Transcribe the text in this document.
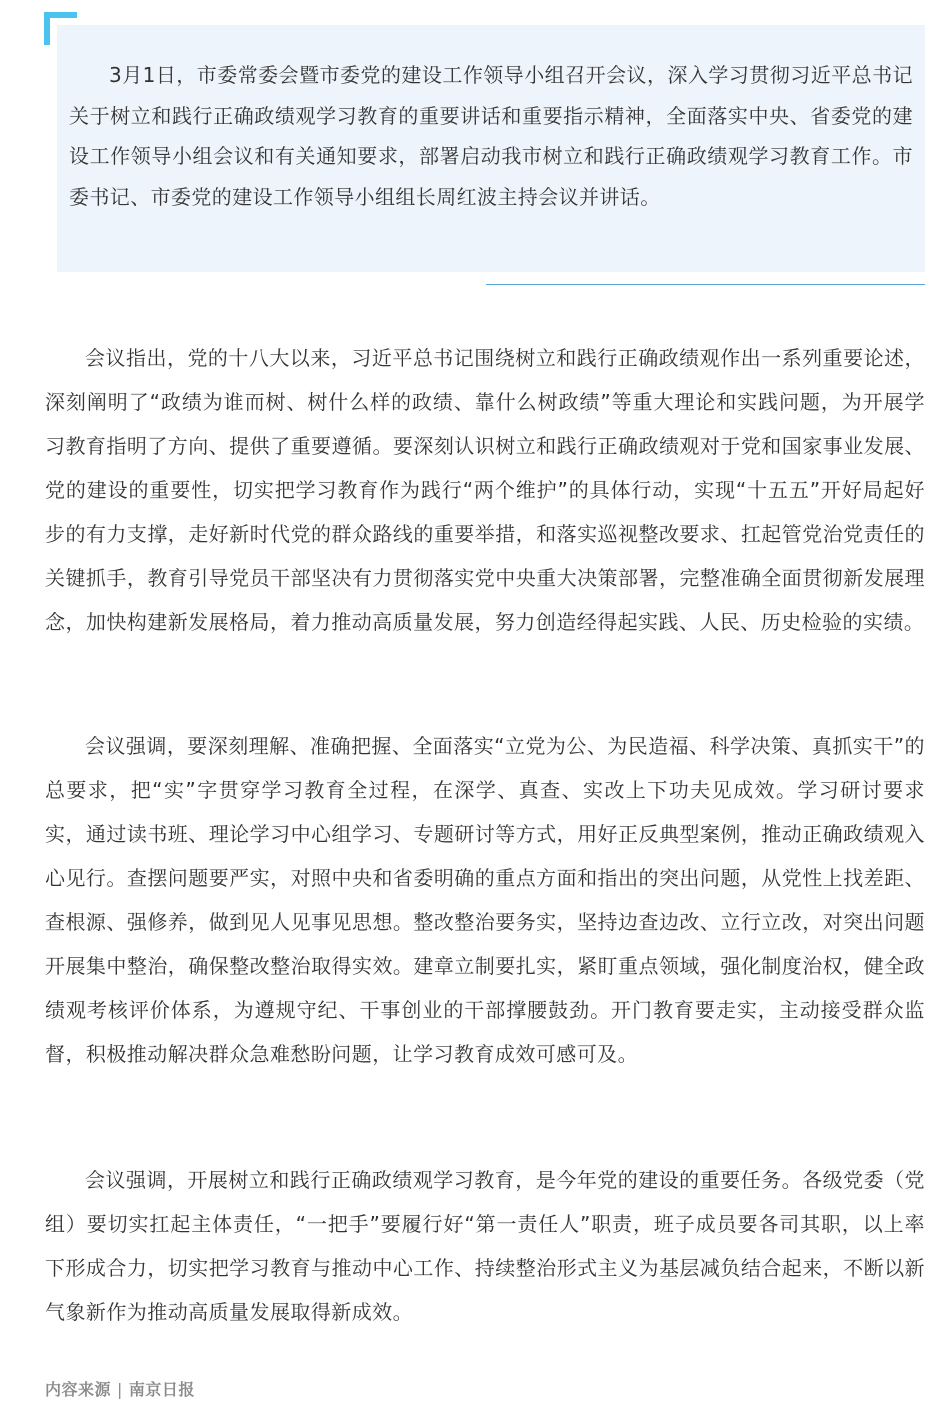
3月1日，市委常委会暨市委党的建设工作领导小组召开会议，深入学习贯彻习近平总书记关于树立和践行正确政绩观学习教育的重要讲话和重要指示精神，全面落实中央、省委党的建设工作领导小组会议和有关通知要求，部署启动我市树立和践行正确政绩观学习教育工作。市委书记、市委党的建设工作领导小组组长周红波主持会议并讲话。

会议指出，党的十八大以来，习近平总书记围绕树立和践行正确政绩观作出一系列重要论述，深刻阐明了“政绩为谁而树、树什么样的政绩、靠什么树政绩”等重大理论和实践问题，为开展学习教育指明了方向、提供了重要遵循。要深刻认识树立和践行正确政绩观对于党和国家事业发展、党的建设的重要性，切实把学习教育作为践行“两个维护”的具体行动，实现“十五五”开好局起好步的有力支撑，走好新时代党的群众路线的重要举措，和落实巡视整改要求、扛起管党治党责任的关键抓手，教育引导党员干部坚决有力贯彻落实党中央重大决策部署，完整准确全面贯彻新发展理念，加快构建新发展格局，着力推动高质量发展，努力创造经得起实践、人民、历史检验的实绩。

会议强调，要深刻理解、准确把握、全面落实“立党为公、为民造福、科学决策、真抓实干”的总要求，把“实”字贯穿学习教育全过程，在深学、真查、实改上下功夫见成效。学习研讨要求实，通过读书班、理论学习中心组学习、专题研讨等方式，用好正反典型案例，推动正确政绩观入心见行。查摆问题要严实，对照中央和省委明确的重点方面和指出的突出问题，从党性上找差距、查根源、强修养，做到见人见事见思想。整改整治要务实，坚持边查边改、立行立改，对突出问题开展集中整治，确保整改整治取得实效。建章立制要扎实，紧盯重点领域，强化制度治权，健全政绩观考核评价体系，为遵规守纪、干事创业的干部撑腰鼓劲。开门教育要走实，主动接受群众监督，积极推动解决群众急难愁盼问题，让学习教育成效可感可及。

会议强调，开展树立和践行正确政绩观学习教育，是今年党的建设的重要任务。各级党委（党组）要切实扛起主体责任，“一把手”要履行好“第一责任人”职责，班子成员要各司其职，以上率下形成合力，切实把学习教育与推动中心工作、持续整治形式主义为基层减负结合起来，不断以新气象新作为推动高质量发展取得新成效。

内容来源 | 南京日报
